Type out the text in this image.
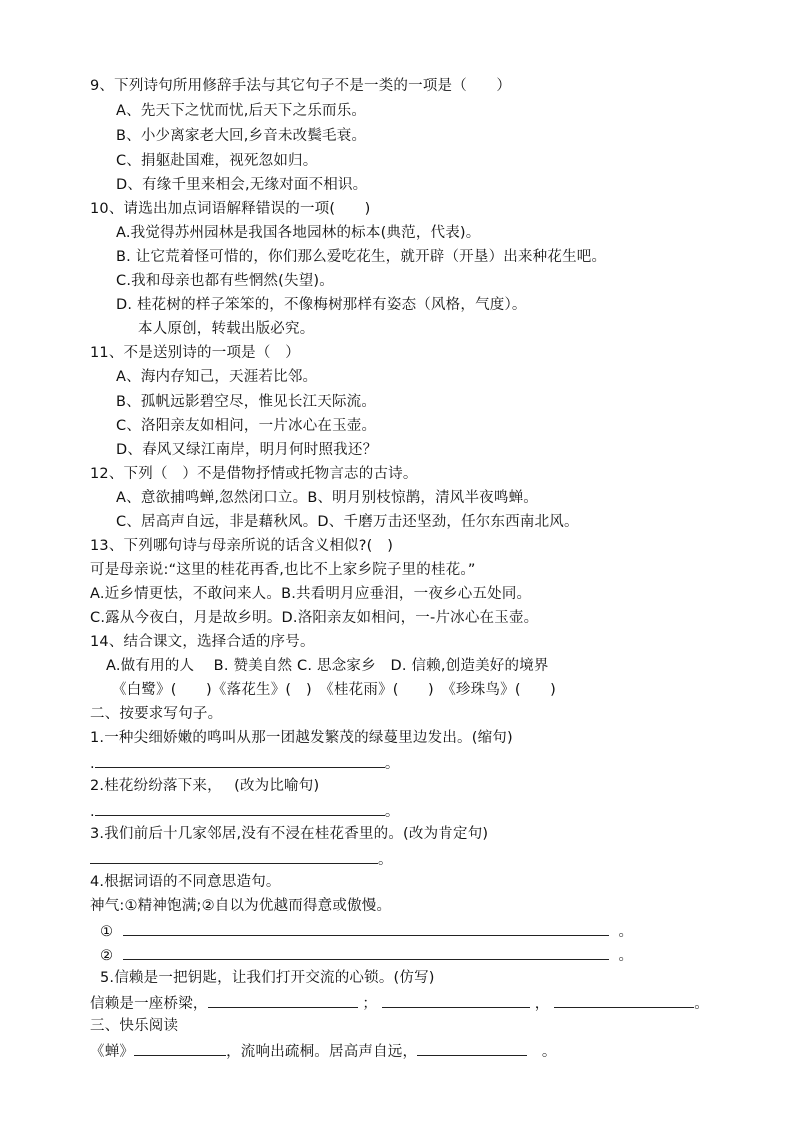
9、下列诗句所用修辞手法与其它句子不是一类的一项是（　　）
A、先天下之忧而忧,后天下之乐而乐。
B、小少离家老大回,乡音未改鬓毛衰。
C、捐躯赴国难，视死忽如归。
D、有缘千里来相会,无缘对面不相识。
10、请选出加点词语解释错误的一项(　　)
A.我觉得苏州园林是我国各地园林的标本(典范，代表)。
B. 让它荒着怪可惜的，你们那么爱吃花生，就开辟（开垦）出来种花生吧。
C.我和母亲也都有些惘然(失望)。
D. 桂花树的样子笨笨的，不像梅树那样有姿态（风格，气度）。
本人原创，转载出版必究。
11、不是送别诗的一项是（　）
A、海内存知己，天涯若比邻。
B、孤帆远影碧空尽，惟见长江天际流。
C、洛阳亲友如相问，一片冰心在玉壶。
D、春风又绿江南岸，明月何时照我还？
12、下列（　）不是借物抒情或托物言志的古诗。
A、意欲捕鸣蝉,忽然闭口立。B、明月别枝惊鹊，清风半夜鸣蝉。
C、居高声自远，非是藉秋风。D、千磨万击还坚劲，任尔东西南北风。
13、下列哪句诗与母亲所说的话含义相似?(　)
可是母亲说:“这里的桂花再香,也比不上家乡院子里的桂花。”
A.近乡情更怯，不敢问来人。B.共看明月应垂泪，一夜乡心五处同。
C.露从今夜白，月是故乡明。D.洛阳亲友如相问，一-片冰心在玉壶。
14、结合课文，选择合适的序号。
A.做有用的人　 B. 赞美自然 C. 思念家乡　D. 信赖,创造美好的境界
《白鹭》(　　)《落花生》(　)　《桂花雨》(　　)　《珍珠鸟》(　　)
二、按要求写句子。
1.一种尖细娇嫩的鸣叫从那一团越发繁茂的绿蔓里边发出。(缩句)
.	。
2.桂花纷纷落下来，　 (改为比喻句)
.	。
3.我们前后十几家邻居,没有不浸在桂花香里的。(改为肯定句)
。
4.根据词语的不同意思造句。
神气:①精神饱满;②自以为优越而得意或傲慢。
①	。
②	。
5.信赖是一把钥匙，让我们打开交流的心锁。(仿写)
信赖是一座桥梁，	；	，	。
三、快乐阅读
《蝉》	，流响出疏桐。居高声自远，	　。
